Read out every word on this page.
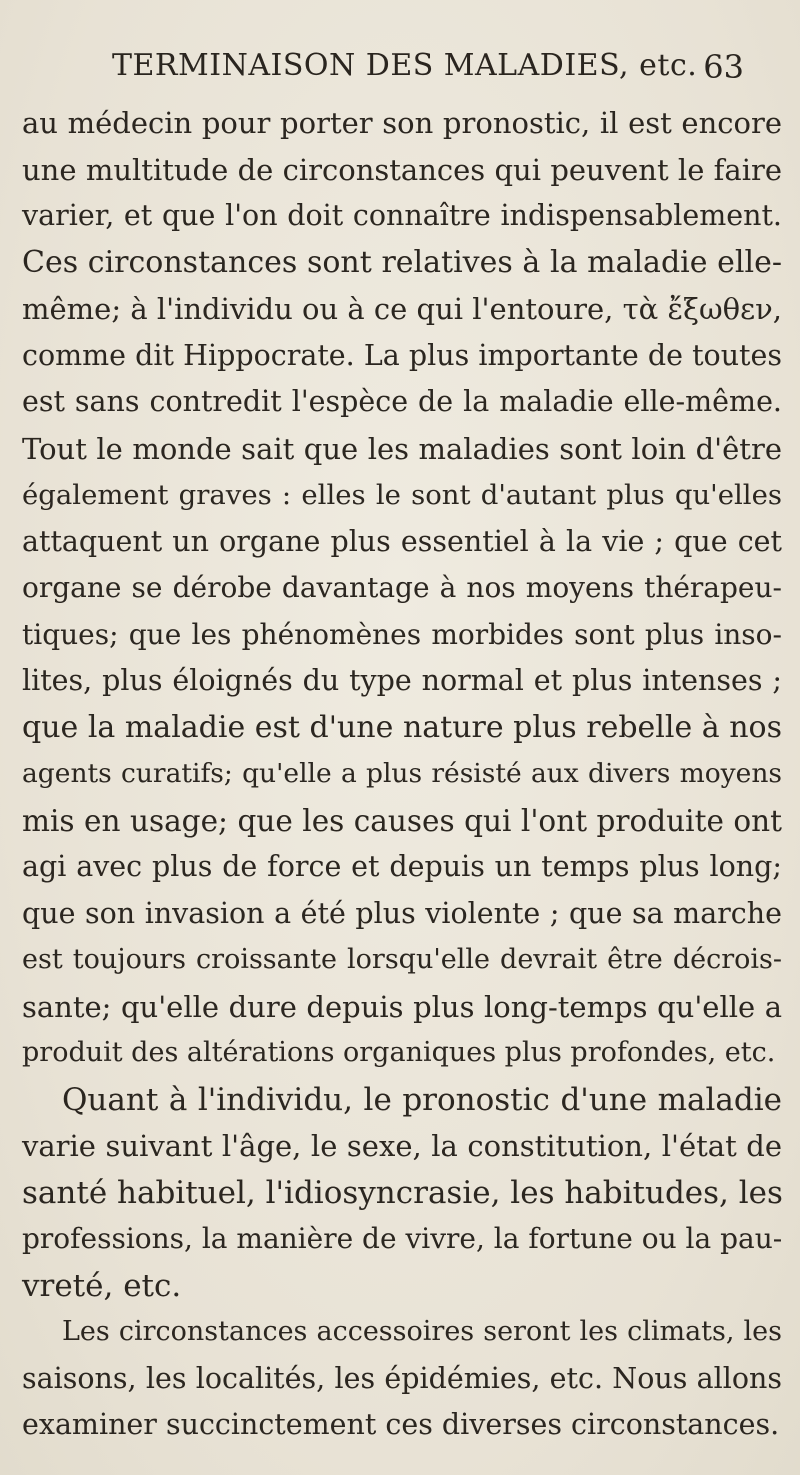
TERMINAISON DES MALADIES, etc. 63
au médecin pour porter son pronostic, il est encore
une multitude de circonstances qui peuvent le faire
varier, et que l'on doit connaître indispensablement.
Ces circonstances sont relatives à la maladie elle-
même; à l'individu ou à ce qui l'entoure, τὰ ἔξωθεν,
comme dit Hippocrate. La plus importante de toutes
est sans contredit l'espèce de la maladie elle-même.
Tout le monde sait que les maladies sont loin d'être
également graves : elles le sont d'autant plus qu'elles
attaquent un organe plus essentiel à la vie ; que cet
organe se dérobe davantage à nos moyens thérapeu-
tiques; que les phénomènes morbides sont plus inso-
lites, plus éloignés du type normal et plus intenses ;
que la maladie est d'une nature plus rebelle à nos
agents curatifs; qu'elle a plus résisté aux divers moyens
mis en usage; que les causes qui l'ont produite ont
agi avec plus de force et depuis un temps plus long;
que son invasion a été plus violente ; que sa marche
est toujours croissante lorsqu'elle devrait être décrois-
sante; qu'elle dure depuis plus long-temps qu'elle a
produit des altérations organiques plus profondes, etc.
Quant à l'individu, le pronostic d'une maladie
varie suivant l'âge, le sexe, la constitution, l'état de
santé habituel, l'idiosyncrasie, les habitudes, les
professions, la manière de vivre, la fortune ou la pau-
vreté, etc.
Les circonstances accessoires seront les climats, les
saisons, les localités, les épidémies, etc. Nous allons
examiner succinctement ces diverses circonstances.
